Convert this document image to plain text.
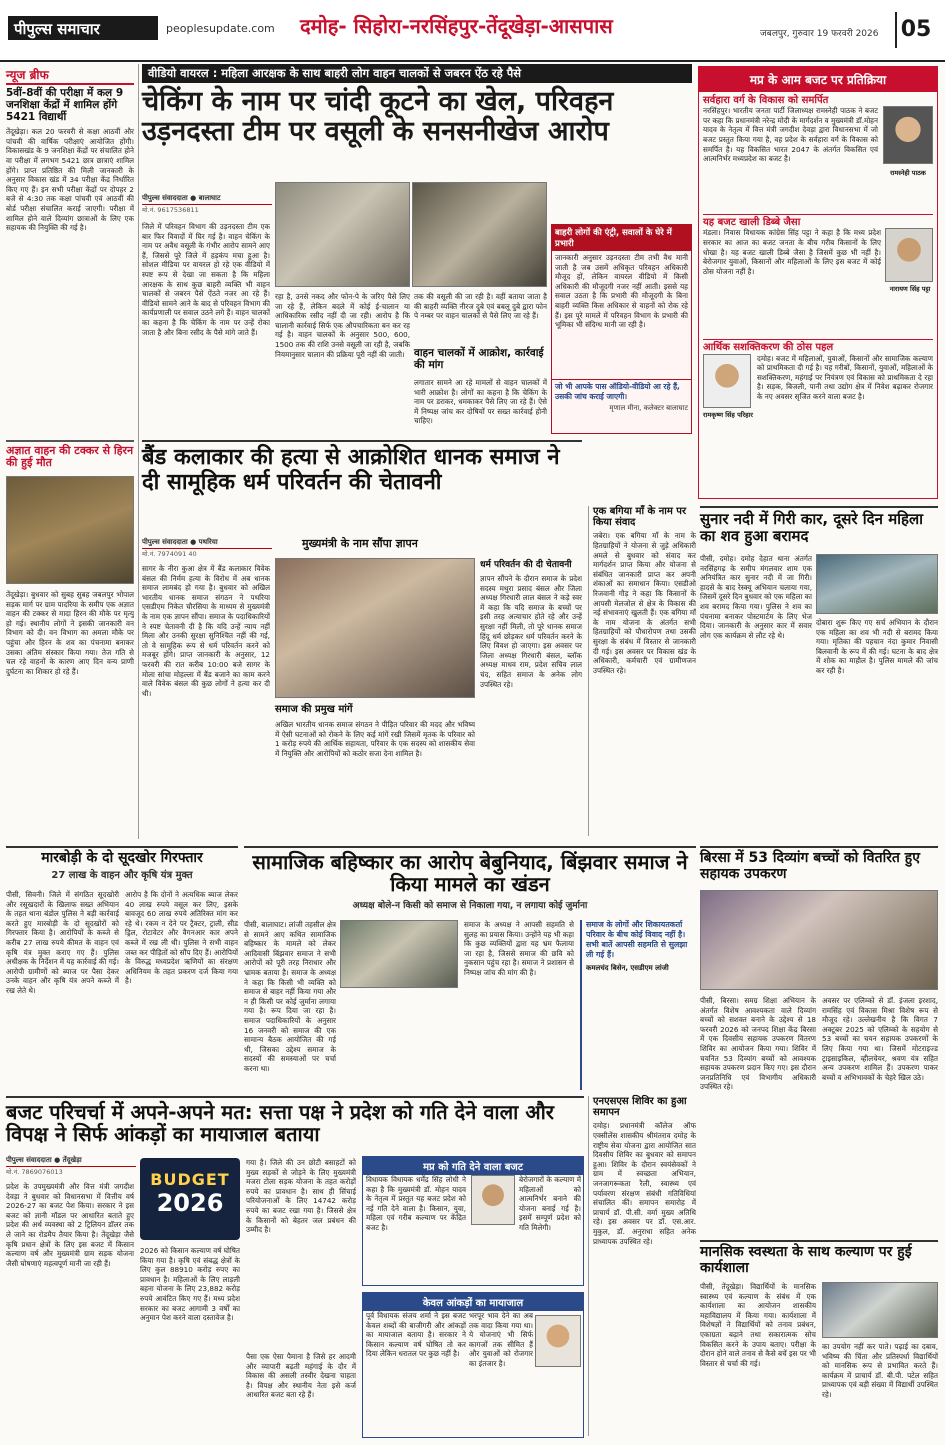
पीपुल्स समाचार	peoplesupdate.com दमोह- सिहोरा-नरसिंहपुर-तेंदूखेड़ा-आसपास	जबलपुर, गुरुवार 19 फरवरी 2026 05
न्यूज ब्रीफ
5वीं-8वीं की परीक्षा में कल 9 जनशिक्षा केंद्रों में शामिल होंगे 5421 विद्यार्थी
तेंदूखेड़ा। कल 20 फरवरी से कक्षा आठवीं और पांचवी की वार्षिक परीक्षाएं आयोजित होंगी। विकासखंड के 9 जनशिक्षा केंद्रों पर संचालित होने वा परीक्षा में लगभग 5421 छात्र छात्राएं शामिल होंगे। प्राप्त प्रतिष्ठित की मिली जानकारी के अनुसार विकास खंड में 34 परीक्षा केंद्र निर्धारित किए गए हैं। इन सभी परीक्षा केंद्रों पर दोपहर 2 बजे से 4:30 तक कक्षा पांचवी एवं आठवीं की बोर्ड परीक्षा संचालित कराई जाएगी। परीक्षा में शामिल होने वाले दिव्यांग छात्राओं के लिए एक सहायक की नियुक्ति की गई है।
अज्ञात वाहन की टक्कर से हिरन की हुई मौत
तेंदूखेड़ा। बुधवार को सुबह सुबह जबलपुर भोपाल सड़क मार्ग पर ग्राम पादरिया के समीप एक अज्ञात वाहन की टक्कर से मादा हिरन की मौके पर मृत्यु हो गई। स्थानीय लोगों ने इसकी जानकारी वन विभाग को दी। वन विभाग का अमला मौके पर पहुंचा और हिरन के शव का पंचनामा बनाकर उसका अंतिम संस्कार किया गया। तेज गति से चल रहे वाहनों के कारण आए दिन वन्य प्राणी दुर्घटना का शिकार हो रहे हैं।
वीडियो वायरल : महिला आरक्षक के साथ बाहरी लोग वाहन चालकों से जबरन ऐंठ रहे पैसे
चेकिंग के नाम पर चांदी कूटने का खेल, परिवहन उड़नदस्ता टीम पर वसूली के सनसनीखेज आरोप
पीपुल्स संवाददाता ● बालाघाट
मो.नं. 9617536811
जिले में परिवहन विभाग की उड़नदस्ता टीम एक बार फिर विवादों में घिर गई है। वाहन चेकिंग के नाम पर अवैध वसूली के गंभीर आरोप सामने आए हैं, जिससे पूरे जिले में हड़कंप मचा हुआ है। सोशल मीडिया पर वायरल हो रहे एक वीडियो में स्पष्ट रूप से देखा जा सकता है कि महिला आरक्षक के साथ कुछ बाहरी व्यक्ति भी वाहन चालकों से जबरन पैसे ऐंठते नजर आ रहे हैं। वीडियो सामने आने के बाद से परिवहन विभाग की कार्यप्रणाली पर सवाल उठने लगे हैं। वाहन चालकों का कहना है कि चेकिंग के नाम पर उन्हें रोका जाता है और बिना रसीद के पैसे मांगे जाते हैं।
रहा है, उनसे नकद और फोन-पे के जरिए पैसे लिए जा रहे हैं, लेकिन बदले में कोई ई-चालान या आधिकारिक रसीद नहीं दी जा रही। आरोप है कि चालानी कार्रवाई सिर्फ एक औपचारिकता बन कर रह गई है। वाहन चालकों के अनुसार 500, 600, 1500 तक की राशि उनसे वसूली जा रही है, जबकि नियमानुसार चालान की प्रक्रिया पूरी नहीं की जाती।
तक की वसूली की जा रही है। वहीं बताया जाता है की बाहरी व्यक्ति नीरज दुबे एवं बबलू दुबे द्वारा फोन पे नम्बर पर वाहन चालकों से पैसे लिए जा रहे हैं।
वाहन चालकों में आक्रोश, कार्रवाई की मांग
लगातार सामने आ रहे मामलों से वाहन चालकों में भारी आक्रोश है। लोगों का कहना है कि चेकिंग के नाम पर डराकर, धमकाकर पैसे लिए जा रहे हैं। ऐसे में निष्पक्ष जांच कर दोषियों पर सख्त कार्रवाई होनी चाहिए।
बाहरी लोगों की एंट्री, सवालों के घेरे में प्रभारी
जानकारी अनुसार उड़नदस्ता टीम तभी वैध मानी जाती है जब उसमें अधिकृत परिवहन अधिकारी मौजूद हों, लेकिन वायरल वीडियो में किसी अधिकारी की मौजूदगी नजर नहीं आती। इससे यह सवाल उठता है कि प्रभारी की मौजूदगी के बिना बाहरी व्यक्ति किस अधिकार से वाहनों को रोक रहे हैं। इस पूरे मामले में परिवहन विभाग के प्रभारी की भूमिका भी संदिग्ध मानी जा रही है।
जो भी आपके पास ऑडियो-वीडियो आ रहे हैं, उसकी जांच कराई जाएगी।
मृणाल मीना, कलेक्टर बालाघाट
मप्र के आम बजट पर प्रतिक्रिया
सर्वहारा वर्ग के विकास को समर्पित
नरसिंहपुर। भारतीय जनता पार्टी जिलाध्यक्ष रामस्नेही पाठक ने बजट पर कहा कि प्रधानमंत्री नरेन्द्र मोदी के मार्गदर्शन व मुख्यमंत्री डॉ.मोहन यादव के नेतृत्व में वित्त मंत्री जगदीश देवड़ा द्वारा विधानसभा में जो बजट प्रस्तुत किया गया है, वह प्रदेश के सर्वहारा वर्ग के विकास को समर्पित है। यह विकसित भारत 2047 के अंतर्गत विकसित एवं आत्मनिर्भर मध्यप्रदेश का बजट है।
रामस्नेही पाठक
यह बजट खाली डिब्बे जैसा
मंडला। निवास विधायक कांग्रेस सिंह पट्टा ने कहा है कि मध्य प्रदेश सरकार का आज का बजट जनता के बीच गरीब किसानों के लिए धोखा है। यह बजट खाली डिब्बे जैसा है जिसमें कुछ भी नहीं है। बेरोजगार युवाओं, किसानों और महिलाओं के लिए इस बजट में कोई ठोस योजना नहीं है।
नारायण सिंह पट्टा
आर्थिक सशक्तिकरण की ठोस पहल
रामकृष्ण सिंह परिहार
दमोह। बजट में महिलाओं, युवाओं, किसानों और सामाजिक कल्याण को प्राथमिकता दी गई है। यह गरीबों, किसानों, युवाओं, महिलाओं के सशक्तिकरण, महंगाई पर नियंत्रण एवं विकास को प्राथमिकता दे रहा है। सड़क, बिजली, पानी तथा उद्योग क्षेत्र में निवेश बढ़ाकर रोजगार के नए अवसर सृजित करने वाला बजट है।
बैंड कलाकार की हत्या से आक्रोशित धानक समाज ने दी सामूहिक धर्म परिवर्तन की चेतावनी
पीपुल्स संवाददाता ● पथरिया
मो.नं. 7974091 40
मुख्यमंत्री के नाम सौंपा ज्ञापन
सागर के नीरा कुआ क्षेत्र में बैंड कलाकार विवेक बंसल की निर्मम हत्या के विरोध में अब धानक समाज लामबंद हो गया है। बुधवार को अखिल भारतीय धानक समाज संगठन ने पथरिया एसडीएम निकेत चौरसिया के माध्यम से मुख्यमंत्री के नाम एक ज्ञापन सौंपा। समाज के पदाधिकारियों ने स्पष्ट चेतावनी दी है कि यदि उन्हें न्याय नहीं मिला और उनकी सुरक्षा सुनिश्चित नहीं की गई, तो वे सामूहिक रूप से धर्म परिवर्तन करने को मजबूर होंगे। प्राप्त जानकारी के अनुसार, 12 फरवरी की रात करीब 10:00 बजे सागर के मोला सांचा मोहल्ला में बैंड बजाने का काम करने वाले विवेक बंसल की कुछ लोगों ने हत्या कर दी थी।
समाज की प्रमुख मांगें
अखिल भारतीय धानक समाज संगठन ने पीड़ित परिवार की मदद और भविष्य में ऐसी घटनाओं को रोकने के लिए कई मांगें रखी जिसमें मृतक के परिवार को 1 करोड़ रुपये की आर्थिक सहायता, परिवार के एक सदस्य को शासकीय सेवा में नियुक्ति और आरोपियों को कठोर सजा देना शामिल है।
धर्म परिवर्तन की दी चेतावनी
ज्ञापन सौंपने के दौरान समाज के प्रदेश सदस्य मथुरा प्रसाद बंसल और जिला अध्यक्ष गिरधारी लाल बंसल ने कड़े स्वर में कहा कि यदि समाज के बच्चों पर इसी तरह अत्याचार होते रहे और उन्हें सुरक्षा नहीं मिली, तो पूरे धानक समाज हिंदू धर्म छोड़कर धर्म परिवर्तन करने के लिए विवश हो जाएगा। इस अवसर पर जिला अध्यक्ष गिरधारी बंसल, ब्लॉक अध्यक्ष माधव राम, प्रदेश सचिव लाल चंद, सहित समाज के अनेक लोग उपस्थित रहे।
एक बगिया माँ के नाम पर किया संवाद
जबेरा। एक बगिया माँ के नाम के हितग्राहियों ने योजना से जुड़े अधिकारी अमले से बुधवार को संवाद कर मार्गदर्शन प्राप्त किया और योजना से संबंधित जानकारी प्राप्त कर अपनी शंकाओं का समाधान किया। एसडीओ रिजवानी गौड़ ने कहा कि किसानों के आपसी मेलजोल से क्षेत्र के विकास की नई संभावनाएं खुलती हैं। एक बगिया माँ के नाम योजना के अंतर्गत सभी हितग्राहियों को पौधारोपण तथा उसकी सुरक्षा के संबंध में विस्तार से जानकारी दी गई। इस अवसर पर विकास खंड के अधिकारी, कर्मचारी एवं ग्रामीणजन उपस्थित रहे।
सुनार नदी में गिरी कार, दूसरे दिन महिला का शव हुआ बरामद
पीसी, दमोह। दमोह देहात थाना अंतर्गत नरसिंहगढ़ के समीप मंगलवार शाम एक अनियंत्रित कार सुनार नदी में जा गिरी। हादसे के बाद रेस्क्यू अभियान चलाया गया, जिसमें दूसरे दिन बुधवार को एक महिला का शव बरामद किया गया। पुलिस ने शव का पंचनामा बनाकर पोस्टमार्टम के लिए भेज दिया। जानकारी के अनुसार कार में सवार लोग एक कार्यक्रम से लौट रहे थे।
दोबारा शुरू किए गए सर्च अभियान के दौरान एक महिला का शव भी नदी से बरामद किया गया। मृतिका की पहचान नंदा कुमार निवासी बिलवानी के रूप में की गई। घटना के बाद क्षेत्र में शोक का माहौल है। पुलिस मामले की जांच कर रही है।
मारबोड़ी के दो सूदखोर गिरफ्तार
27 लाख के वाहन और कृषि यंत्र मुक्त
पीसी, सिवनी। जिले में संगठित सूदखोरी और रसूखदारों के खिलाफ सख्त अभियान के तहत थाना बंडोल पुलिस ने बड़ी कार्रवाई करते हुए मारबोड़ी के दो सूदखोरों को गिरफ्तार किया है। आरोपियों के कब्जे से करीब 27 लाख रुपये कीमत के वाहन एवं कृषि यंत्र मुक्त कराए गए हैं। पुलिस अधीक्षक के निर्देशन में यह कार्रवाई की गई। आरोपी ग्रामीणों को ब्याज पर पैसा देकर उनके वाहन और कृषि यंत्र अपने कब्जे में रख लेते थे।
आरोप है कि दोनों ने अत्यधिक ब्याज लेकर 40 लाख रुपये वसूल कर लिए, इसके बावजूद 60 लाख रुपये अतिरिक्त मांग कर रहे थे। रकम न देने पर ट्रैक्टर, ट्राली, सीड ड्रिल, रोटावेटर और वैगनआर कार अपने कब्जे में रख ली थी। पुलिस ने सभी वाहन जब्त कर पीड़ितों को सौंप दिए हैं। आरोपियों के विरुद्ध मध्यप्रदेश ऋणियों का संरक्षण अधिनियम के तहत प्रकरण दर्ज किया गया है।
सामाजिक बहिष्कार का आरोप बेबुनियाद, बिंझवार समाज ने किया मामले का खंडन
अध्यक्ष बोले-न किसी को समाज से निकाला गया, न लगाया कोई जुर्माना
पीसी, बालाघाट। लांजी तहसील क्षेत्र से सामने आए कथित सामाजिक बहिष्कार के मामले को लेकर आदिवासी बिंझवार समाज ने सभी आरोपों को पूरी तरह निराधार और भ्रामक बताया है। समाज के अध्यक्ष ने कहा कि किसी भी व्यक्ति को समाज से बाहर नहीं किया गया और न ही किसी पर कोई जुर्माना लगाया गया है। रूप दिया जा रहा है। समाज पदाधिकारियों के अनुसार 16 जनवरी को समाज की एक सामान्य बैठक आयोजित की गई थी, जिसका उद्देश्य समाज के सदस्यों की समस्याओं पर चर्चा करना था।
समाज के अध्यक्ष ने आपसी सहमति से सुलह का प्रयास किया। उन्होंने यह भी कहा कि कुछ व्यक्तियों द्वारा यह भ्रम फैलाया जा रहा है, जिससे समाज की छवि को नुकसान पहुंच रहा है। समाज ने प्रशासन से निष्पक्ष जांच की मांग की है।
समाज के लोगों और शिकायतकर्ता परिवार के बीच कोई विवाद नहीं है। सभी बातें आपसी सहमति से सुलझा ली गई हैं।
कमलचंद बिसेन, एसडीएम लांजी
बिरसा में 53 दिव्यांग बच्चों को वितरित हुए सहायक उपकरण
पीसी, बिरसा। समग्र शिक्षा अभियान के अंतर्गत विशेष आवश्यकता वाले दिव्यांग बच्चों को सशक्त बनाने के उद्देश्य से 18 फरवरी 2026 को जनपद शिक्षा केंद्र बिरसा में एक दिवसीय सहायक उपकरण वितरण शिविर का आयोजन किया गया। शिविर में चयनित 53 दिव्यांग बच्चों को आवश्यक सहायक उपकरण प्रदान किए गए। इस दौरान जनप्रतिनिधि एवं विभागीय अधिकारी उपस्थित रहे।
अवसर पर एलिम्को से डॉ. इंजला इरशाद, रामसिंह एवं विकास मिश्रा विशेष रूप से मौजूद रहे। उल्लेखनीय है कि विगत 7 अक्टूबर 2025 को एलिम्को के सहयोग से 53 बच्चों का चयन सहायक उपकरणों के लिए किया गया था। जिसमें मोटराइज्ड ट्राइसाइकिल, व्हीलचेयर, श्रवण यंत्र सहित अन्य उपकरण शामिल हैं। उपकरण पाकर बच्चों व अभिभावकों के चेहरे खिल उठे।
एनएसएस शिविर का हुआ समापन
दमोह। प्रधानमंत्री कॉलेज ऑफ एक्सीलेंस शासकीय श्रीमंतराव दमोह के राष्ट्रीय सेवा योजना द्वारा आयोजित सात दिवसीय शिविर का बुधवार को समापन हुआ। शिविर के दौरान स्वयंसेवकों ने ग्राम में स्वच्छता अभियान, जनजागरूकता रैली, स्वास्थ्य एवं पर्यावरण संरक्षण संबंधी गतिविधियां संचालित कीं। समापन समारोह में प्राचार्य डॉ. पी.सी. वर्मा मुख्य अतिथि रहे। इस अवसर पर डॉ. एस.आर. मुकुल, डॉ. अनुराधा सहित अनेक प्राध्यापक उपस्थित रहे।
बजट परिचर्चा में अपने-अपने मत: सत्ता पक्ष ने प्रदेश को गति देने वाला और विपक्ष ने सिर्फ आंकड़ों का मायाजाल बताया
पीपुल्स संवाददाता ● तेंदूखेड़ा
मो.नं. 7869076013
प्रदेश के उपमुख्यमंत्री और वित्त मंत्री जगदीश देवड़ा ने बुधवार को विधानसभा में वित्तीय वर्ष 2026-27 का बजट पेश किया। सरकार ने इस बजट को ज्ञानी मॉडल पर आधारित बताते हुए प्रदेश की अर्थ व्यवस्था को 2 ट्रिलियन डॉलर तक ले जाने का रोडमैप तैयार किया है। तेंदूखेड़ा जैसे कृषि प्रधान क्षेत्रों के लिए इस बजट में किसान कल्याण वर्ष और मुख्यमंत्री ग्राम सड़क योजना जैसी घोषणाएं महत्वपूर्ण मानी जा रही हैं।
BUDGET
2026
2026 को किसान कल्याण वर्ष घोषित किया गया है। कृषि एवं संबद्ध क्षेत्रों के लिए कुल 88910 करोड़ रुपए का प्रावधान है। महिलाओं के लिए लाड़ली बहना योजना के लिए 23,882 करोड़ रुपये आवंटित किए गए हैं। मध्य प्रदेश सरकार का बजट आगामी 3 वर्षों का अनुमान पेश करने वाला दस्तावेज है।
गया है। जिले की उन छोटी बसाहटों को मुख्य सड़कों से जोड़ने के लिए मुख्यमंत्री मजरा टोला सड़क योजना के तहत करोड़ों रुपये का प्रावधान है। साथ ही सिंचाई परियोजनाओं के लिए 14742 करोड़ रुपये का बजट रखा गया है। जिससे क्षेत्र के किसानों को बेहतर जल प्रबंधन की उम्मीद है।
पैसा एक ऐसा पैमाना है जिसे हर आदमी और व्यापारी बढ़ती महंगाई के दौर में विकास की असली तस्वीर देखना चाहता है। विपक्ष और स्थानीय नेता इसे कर्ज आधारित बजट बता रहे हैं।
मप्र को गति देने वाला बजट
विधायक विधायक धर्मेंद्र सिंह लोधी ने कहा है कि मुख्यमंत्री डॉ. मोहन यादव के नेतृत्व में प्रस्तुत यह बजट प्रदेश को नई गति देने वाला है। किसान, युवा, महिला एवं गरीब कल्याण पर केंद्रित बजट है।
बेरोजगारों के कल्याण में महिलाओं को आत्मनिर्भर बनाने की योजना बनाई गई है। इसमें सम्पूर्ण प्रदेश को गति मिलेगी।
केवल आंकड़ों का मायाजाल
पूर्व विधायक संजय शर्मा ने इस बजट केवल शब्दों की बाजीगरी और आंकड़ों का मायाजाल बताया है। सरकार ने किसान कल्याण वर्ष घोषित तो कर दिया लेकिन धरातल पर कुछ नहीं है।
भरपूर भाव देने का अब तक वादा किया गया था। ये योजनाएं भी सिर्फ कागजों तक सीमित हैं और युवाओं को रोजगार का इंतजार है।
मानसिक स्वस्थता के साथ कल्याण पर हुई कार्यशाला
पीसी, तेंदूखेड़ा। विद्यार्थियों के मानसिक स्वास्थ्य एवं कल्याण के संबंध में एक कार्यशाला का आयोजन शासकीय महाविद्यालय में किया गया। कार्यशाला में विशेषज्ञों ने विद्यार्थियों को तनाव प्रबंधन, एकाग्रता बढ़ाने तथा सकारात्मक सोच विकसित करने के उपाय बताए। परीक्षा के दौरान होने वाले तनाव से कैसे बचें इस पर भी विस्तार से चर्चा की गई।
का उपयोग नहीं कर पाते। पढ़ाई का दबाव, भविष्य की चिंता और प्रतिस्पर्धा विद्यार्थियों को मानसिक रूप से प्रभावित करते हैं। कार्यक्रम में प्राचार्य डॉ. बी.पी. पटेल सहित प्राध्यापक एवं बड़ी संख्या में विद्यार्थी उपस्थित रहे।
